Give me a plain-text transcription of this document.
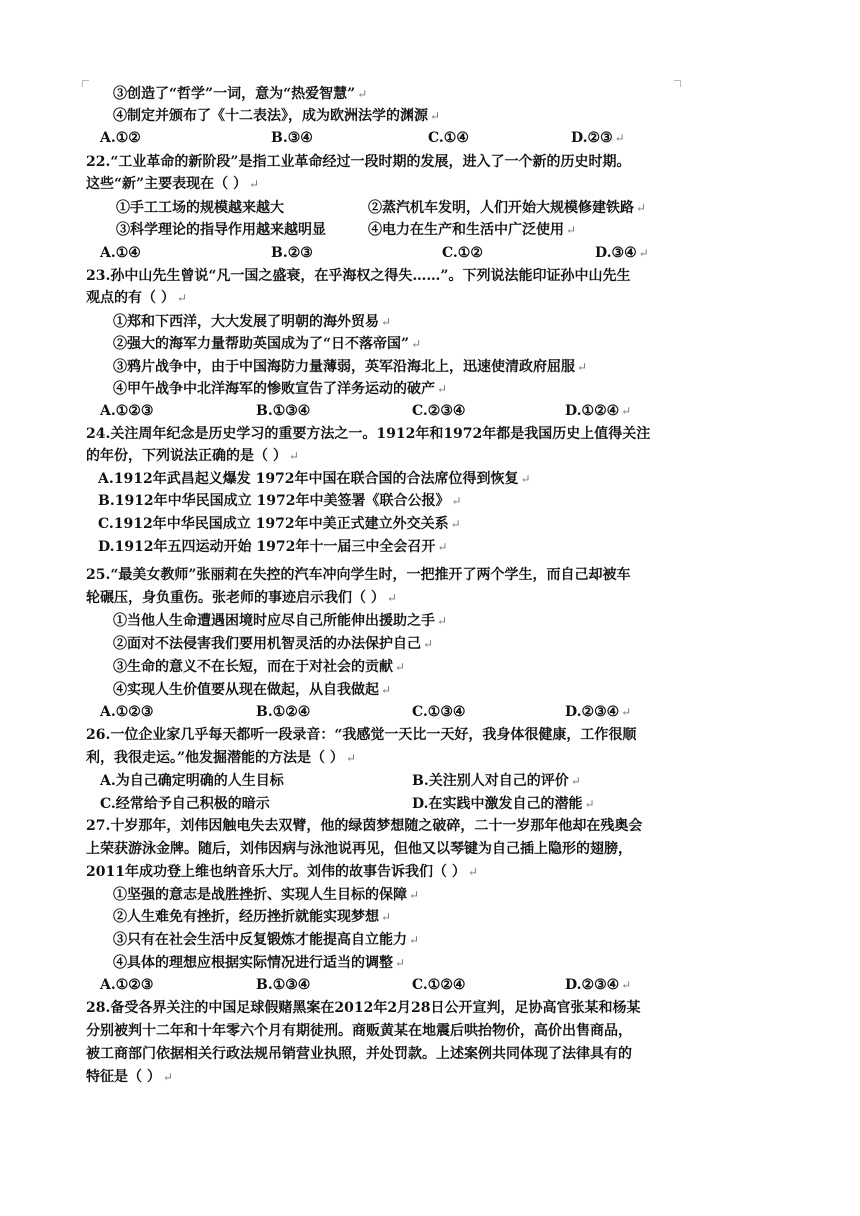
③创造了“哲学”一词，意为“热爱智慧” ↵
④制定并颁布了《十二表法》，成为欧洲法学的渊源 ↵
A.①②	B.③④	C.①④	D.②③ ↵
22.“工业革命的新阶段”是指工业革命经过一段时期的发展，进入了一个新的历史时期。
这些“新”主要表现在（ ） ↵
①手工工场的规模越来越大	②蒸汽机车发明，人们开始大规模修建铁路 ↵
③科学理论的指导作用越来越明显	④电力在生产和生活中广泛使用 ↵
A.①④	B.②③	C.①②	D.③④ ↵
23.孙中山先生曾说“凡一国之盛衰，在乎海权之得失……”。下列说法能印证孙中山先生
观点的有（ ） ↵
①郑和下西洋，大大发展了明朝的海外贸易 ↵
②强大的海军力量帮助英国成为了“日不落帝国” ↵
③鸦片战争中，由于中国海防力量薄弱，英军沿海北上，迅速使清政府屈服 ↵
④甲午战争中北洋海军的惨败宣告了洋务运动的破产 ↵
A.①②③	B.①③④	C.②③④	D.①②④ ↵
24.关注周年纪念是历史学习的重要方法之一。1912年和1972年都是我国历史上值得关注
的年份，下列说法正确的是（ ） ↵
A.1912年武昌起义爆发 1972年中国在联合国的合法席位得到恢复 ↵
B.1912年中华民国成立 1972年中美签署《联合公报》 ↵
C.1912年中华民国成立 1972年中美正式建立外交关系 ↵
D.1912年五四运动开始 1972年十一届三中全会召开 ↵
25.“最美女教师”张丽莉在失控的汽车冲向学生时，一把推开了两个学生，而自己却被车
轮碾压，身负重伤。张老师的事迹启示我们（ ） ↵
①当他人生命遭遇困境时应尽自己所能伸出援助之手 ↵
②面对不法侵害我们要用机智灵活的办法保护自己 ↵
③生命的意义不在长短，而在于对社会的贡献 ↵
④实现人生价值要从现在做起，从自我做起 ↵
A.①②③	B.①②④	C.①③④	D.②③④ ↵
26.一位企业家几乎每天都听一段录音：“我感觉一天比一天好，我身体很健康，工作很顺
利，我很走运。”他发掘潜能的方法是（ ） ↵
A.为自己确定明确的人生目标	B.关注别人对自己的评价 ↵
C.经常给予自己积极的暗示	D.在实践中激发自己的潜能 ↵
27.十岁那年，刘伟因触电失去双臂，他的绿茵梦想随之破碎，二十一岁那年他却在残奥会
上荣获游泳金牌。随后，刘伟因病与泳池说再见，但他又以琴键为自己插上隐形的翅膀，
2011年成功登上维也纳音乐大厅。刘伟的故事告诉我们（ ） ↵
①坚强的意志是战胜挫折、实现人生目标的保障 ↵
②人生难免有挫折，经历挫折就能实现梦想 ↵
③只有在社会生活中反复锻炼才能提高自立能力 ↵
④具体的理想应根据实际情况进行适当的调整 ↵
A.①②③	B.①③④	C.①②④	D.②③④ ↵
28.备受各界关注的中国足球假赌黑案在2012年2月28日公开宣判，足协高官张某和杨某
分别被判十二年和十年零六个月有期徒刑。商贩黄某在地震后哄抬物价，高价出售商品，
被工商部门依据相关行政法规吊销营业执照，并处罚款。上述案例共同体现了法律具有的
特征是（ ） ↵
